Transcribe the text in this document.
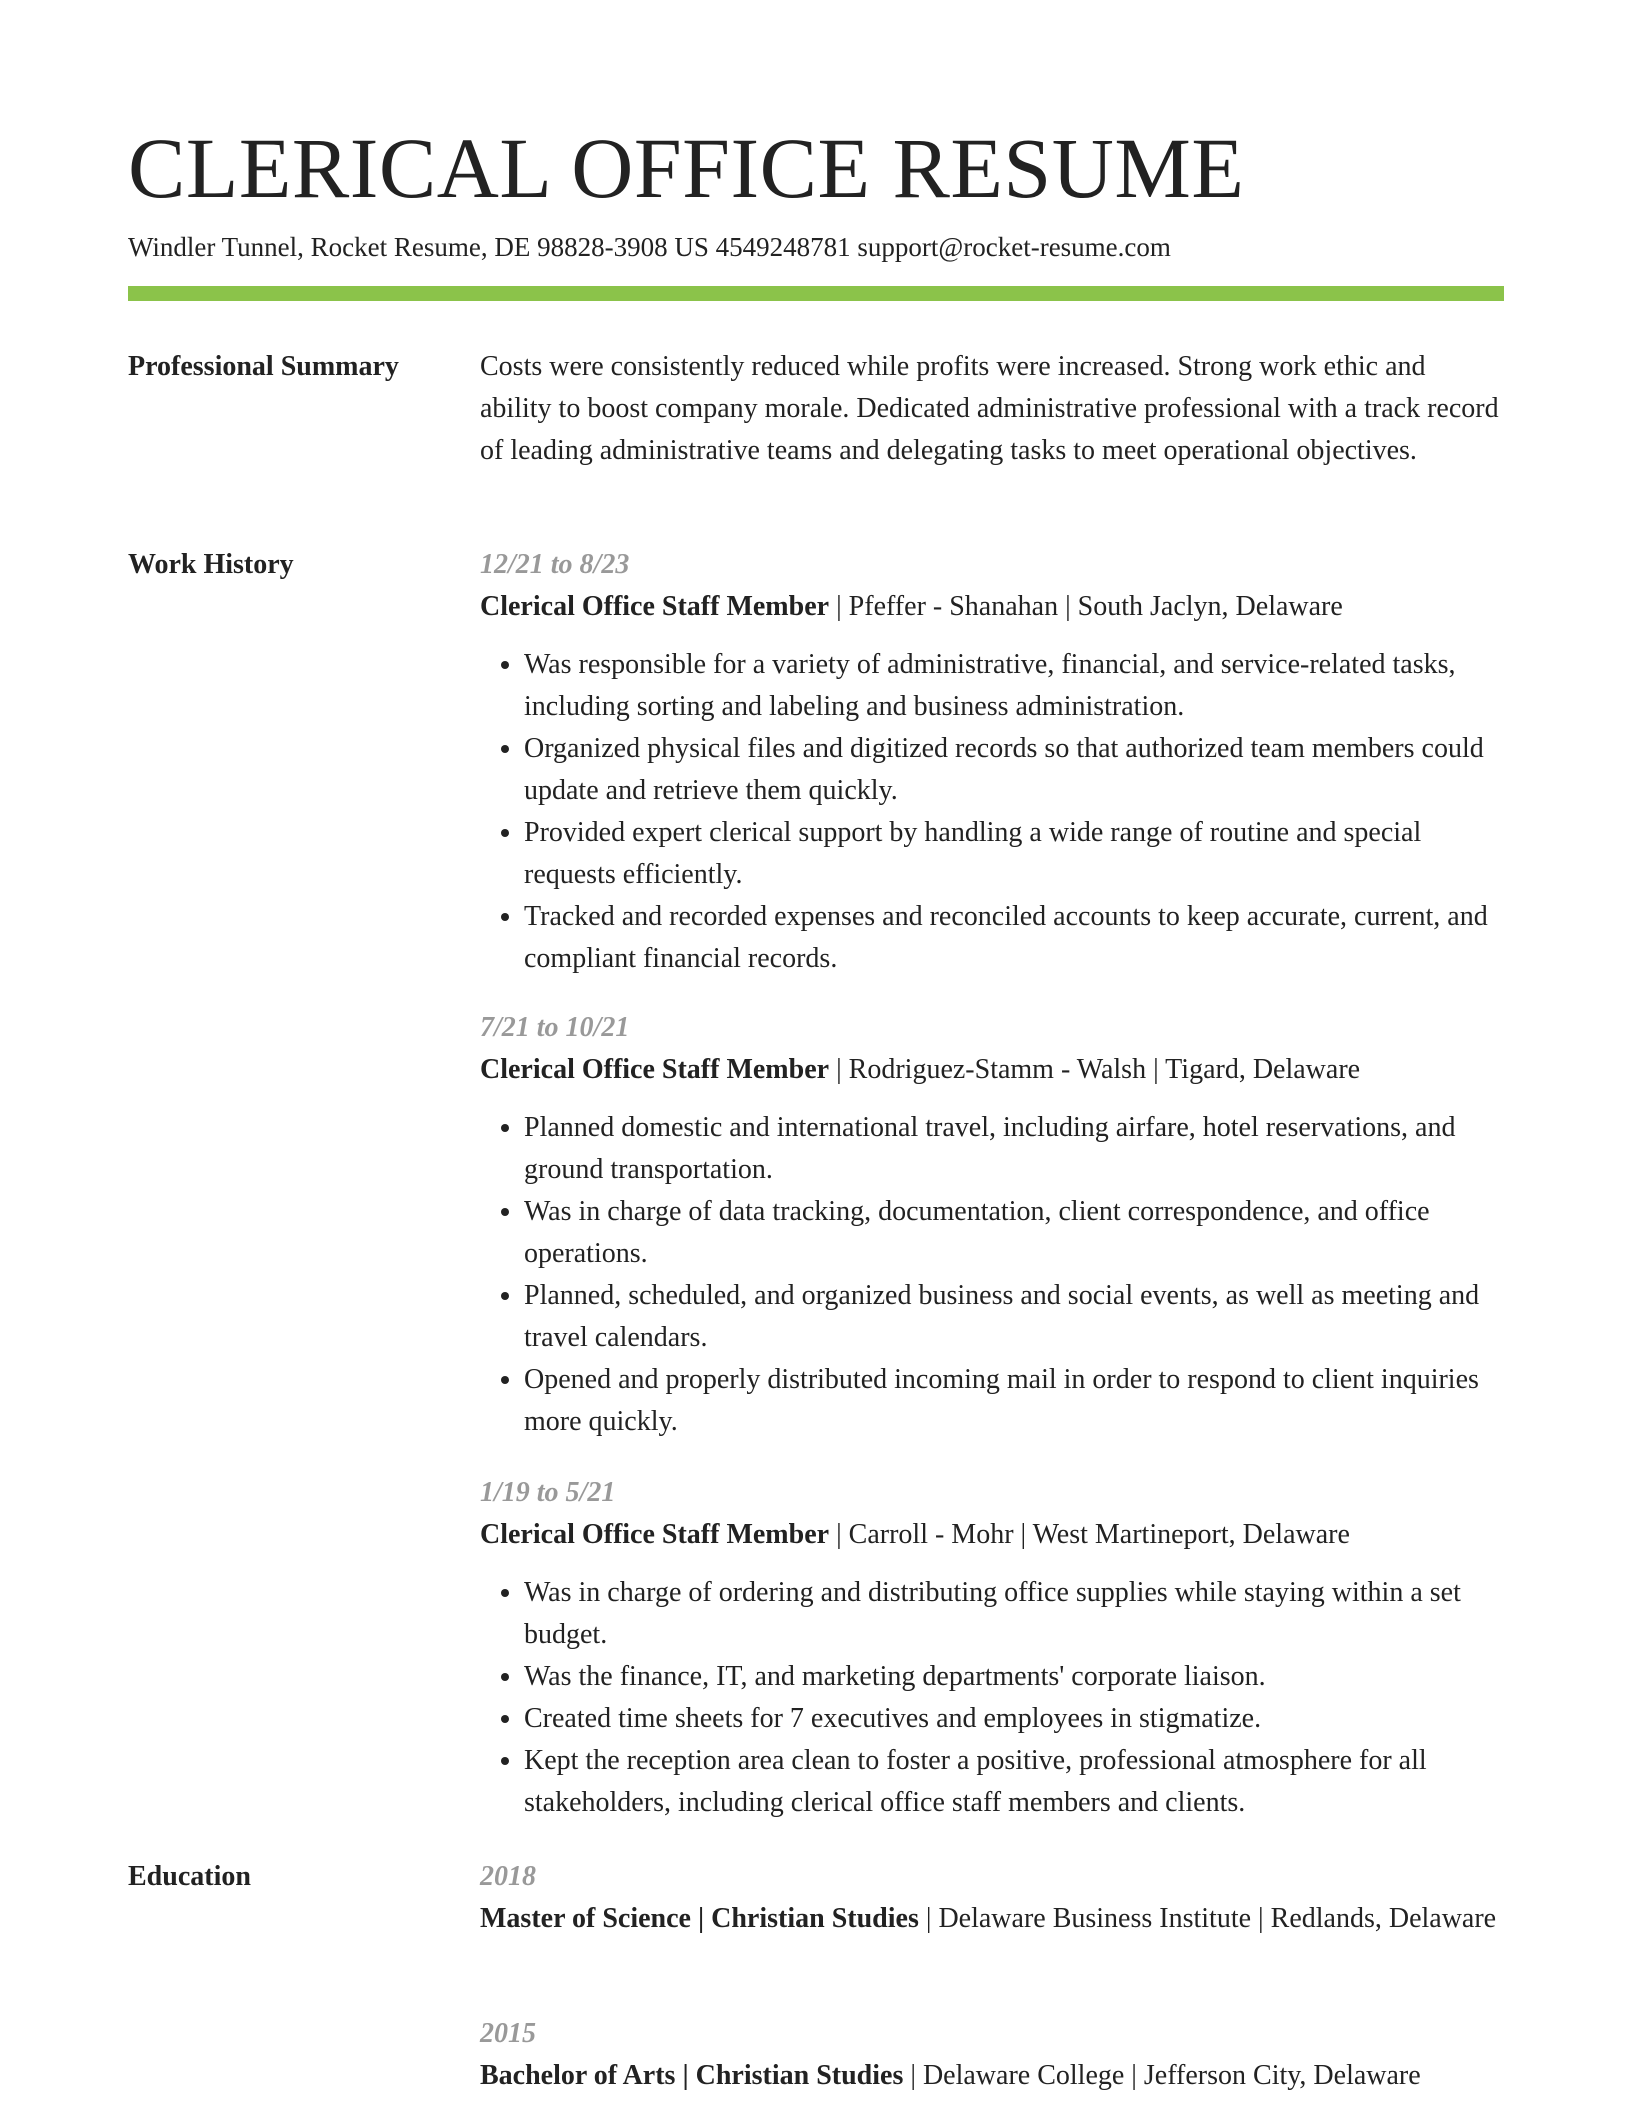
CLERICAL OFFICE RESUME
Windler Tunnel, Rocket Resume, DE 98828-3908 US 4549248781 support@rocket-resume.com
Professional Summary	Costs were consistently reduced while profits were increased. Strong work ethic and ability to boost company morale. Dedicated administrative professional with a track record of leading administrative teams and delegating tasks to meet operational objectives.

Work History	12/21 to 8/23
Clerical Office Staff Member | Pfeffer - Shanahan | South Jaclyn, Delaware
• Was responsible for a variety of administrative, financial, and service-related tasks, including sorting and labeling and business administration.
• Organized physical files and digitized records so that authorized team members could update and retrieve them quickly.
• Provided expert clerical support by handling a wide range of routine and special requests efficiently.
• Tracked and recorded expenses and reconciled accounts to keep accurate, current, and compliant financial records.
7/21 to 10/21
Clerical Office Staff Member | Rodriguez-Stamm - Walsh | Tigard, Delaware
• Planned domestic and international travel, including airfare, hotel reservations, and ground transportation.
• Was in charge of data tracking, documentation, client correspondence, and office operations.
• Planned, scheduled, and organized business and social events, as well as meeting and travel calendars.
• Opened and properly distributed incoming mail in order to respond to client inquiries more quickly.
1/19 to 5/21
Clerical Office Staff Member | Carroll - Mohr | West Martineport, Delaware
• Was in charge of ordering and distributing office supplies while staying within a set budget.
• Was the finance, IT, and marketing departments' corporate liaison.
• Created time sheets for 7 executives and employees in stigmatize.
• Kept the reception area clean to foster a positive, professional atmosphere for all stakeholders, including clerical office staff members and clients.
Education	2018
Master of Science | Christian Studies | Delaware Business Institute | Redlands, Delaware
2015
Bachelor of Arts | Christian Studies | Delaware College | Jefferson City, Delaware
